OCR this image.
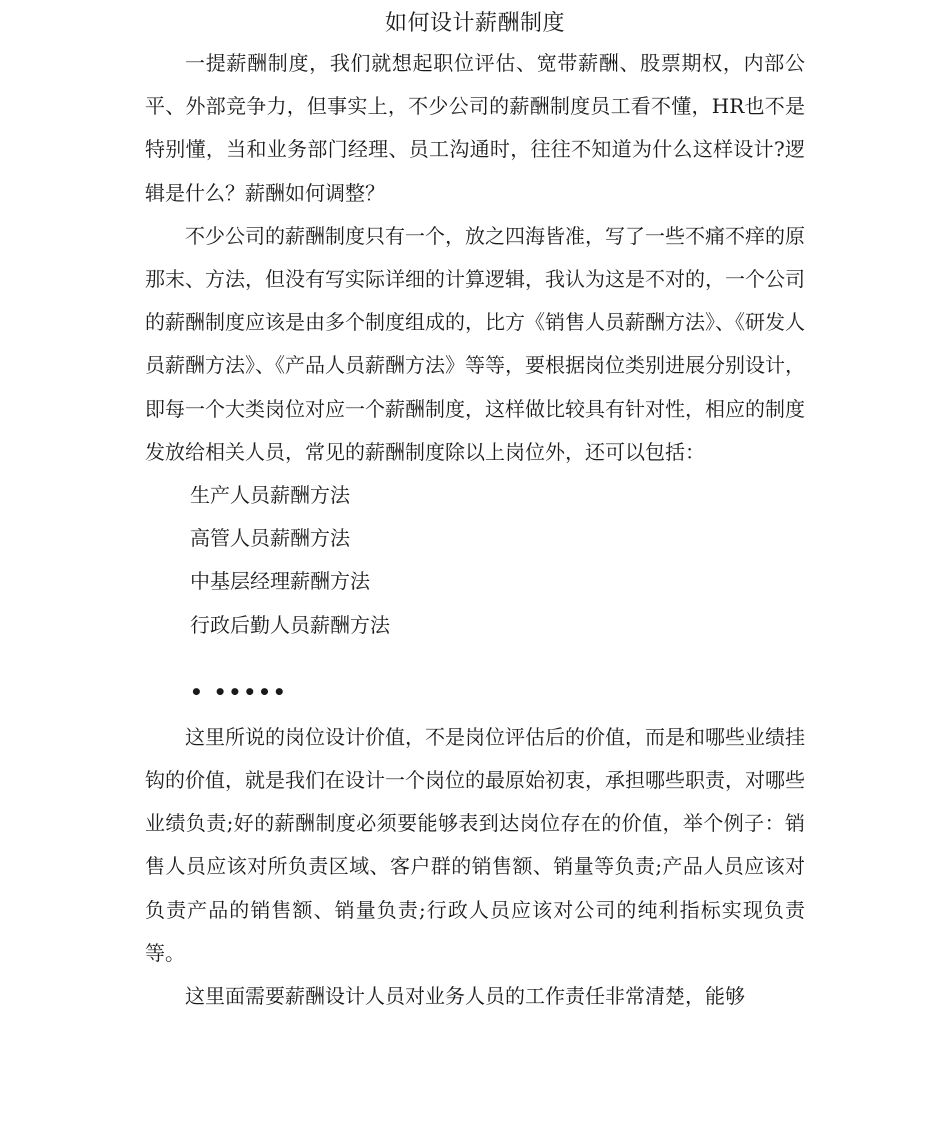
如何设计薪酬制度

一提薪酬制度，我们就想起职位评估、宽带薪酬、股票期权，内部公平、外部竞争力，但事实上，不少公司的薪酬制度员工看不懂，HR也不是特别懂，当和业务部门经理、员工沟通时，往往不知道为什么这样设计?逻辑是什么？薪酬如何调整？

不少公司的薪酬制度只有一个，放之四海皆准，写了一些不痛不痒的原那末、方法，但没有写实际详细的计算逻辑，我认为这是不对的，一个公司的薪酬制度应该是由多个制度组成的，比方《销售人员薪酬方法》、《研发人员薪酬方法》、《产品人员薪酬方法》等等，要根据岗位类别进展分别设计，即每一个大类岗位对应一个薪酬制度，这样做比较具有针对性，相应的制度发放给相关人员，常见的薪酬制度除以上岗位外，还可以包括：

生产人员薪酬方法

高管人员薪酬方法

中基层经理薪酬方法

行政后勤人员薪酬方法

• •••••

这里所说的岗位设计价值，不是岗位评估后的价值，而是和哪些业绩挂钩的价值，就是我们在设计一个岗位的最原始初衷，承担哪些职责，对哪些业绩负责;好的薪酬制度必须要能够表到达岗位存在的价值，举个例子：销售人员应该对所负责区域、客户群的销售额、销量等负责;产品人员应该对负责产品的销售额、销量负责;行政人员应该对公司的纯利指标实现负责等。

这里面需要薪酬设计人员对业务人员的工作责任非常清楚，能够
